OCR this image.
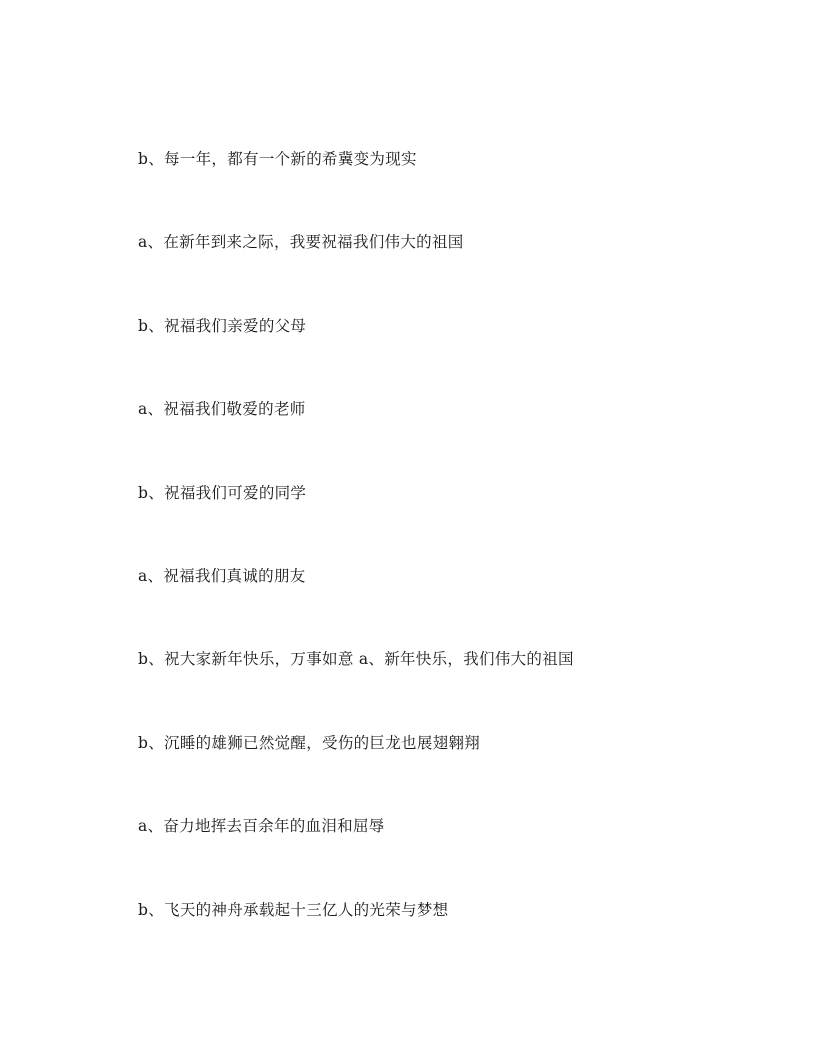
b、每一年，都有一个新的希冀变为现实
a、在新年到来之际，我要祝福我们伟大的祖国
b、祝福我们亲爱的父母
a、祝福我们敬爱的老师
b、祝福我们可爱的同学
a、祝福我们真诚的朋友
b、祝大家新年快乐，万事如意 a、新年快乐，我们伟大的祖国
b、沉睡的雄狮已然觉醒，受伤的巨龙也展翅翱翔
a、奋力地挥去百余年的血泪和屈辱
b、飞天的神舟承载起十三亿人的光荣与梦想
